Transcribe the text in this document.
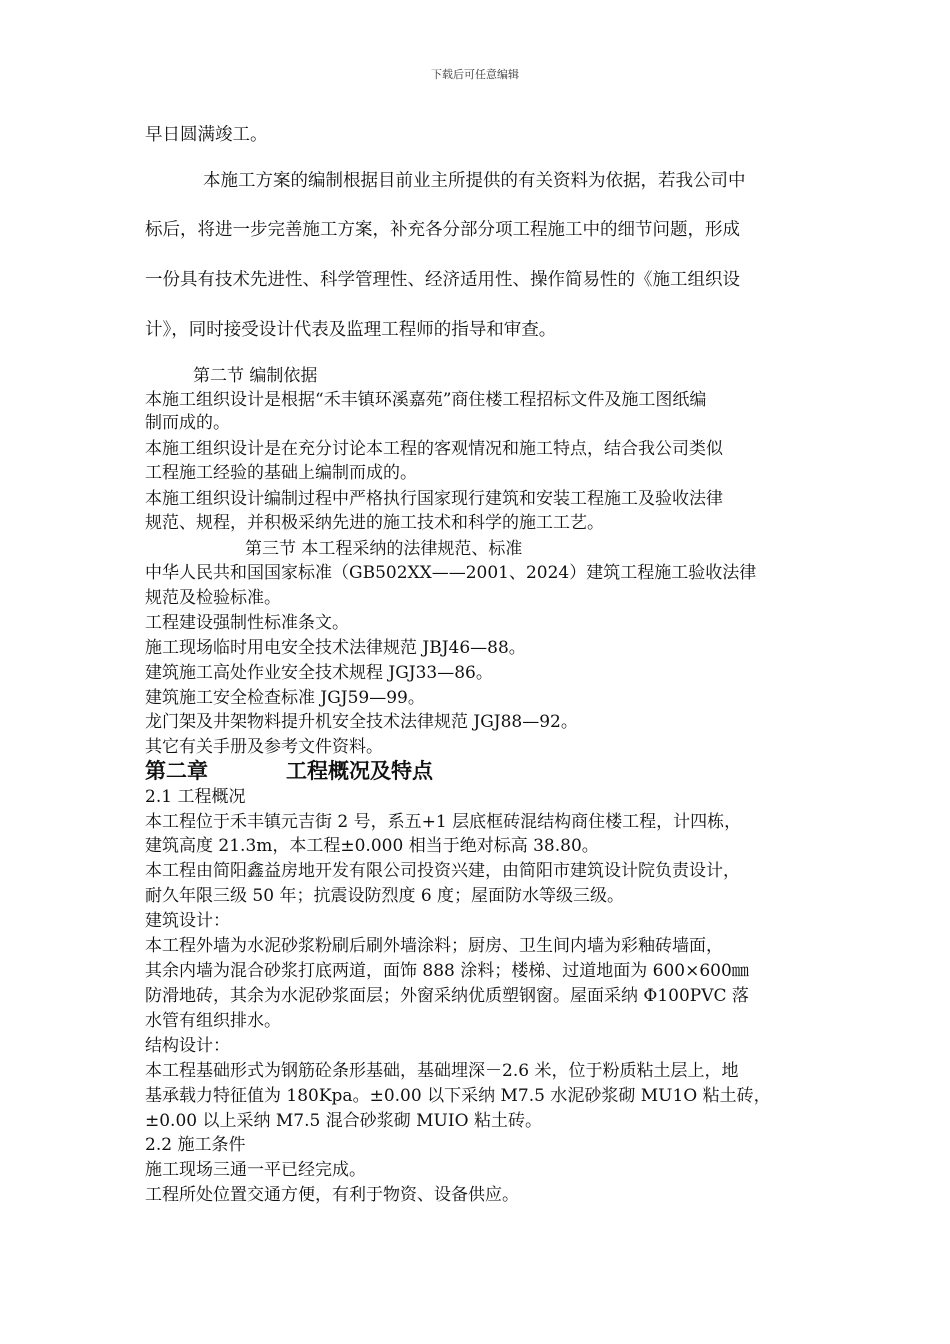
下载后可任意编辑
早日圆满竣工。
本施工方案的编制根据目前业主所提供的有关资料为依据，若我公司中
标后，将进一步完善施工方案，补充各分部分项工程施工中的细节问题，形成
一份具有技术先进性、科学管理性、经济适用性、操作简易性的《施工组织设
计》，同时接受设计代表及监理工程师的指导和审查。
第二节 编制依据
本施工组织设计是根据“禾丰镇环溪嘉苑”商住楼工程招标文件及施工图纸编
制而成的。
本施工组织设计是在充分讨论本工程的客观情况和施工特点，结合我公司类似
工程施工经验的基础上编制而成的。
本施工组织设计编制过程中严格执行国家现行建筑和安装工程施工及验收法律
规范、规程，并积极采纳先进的施工技术和科学的施工工艺。
第三节 本工程采纳的法律规范、标准
中华人民共和国国家标准（GB502XX——2001、2024）建筑工程施工验收法律
规范及检验标准。
工程建设强制性标准条文。
施工现场临时用电安全技术法律规范 JBJ46—88。
建筑施工高处作业安全技术规程 JGJ33—86。
建筑施工安全检查标准 JGJ59—99。
龙门架及井架物料提升机安全技术法律规范 JGJ88—92。
其它有关手册及参考文件资料。
第二章	工程概况及特点
2.1 工程概况
本工程位于禾丰镇元吉街 2 号，系五+1 层底框砖混结构商住楼工程，计四栋，
建筑高度 21.3m，本工程±0.000 相当于绝对标高 38.80。
本工程由简阳鑫益房地开发有限公司投资兴建，由简阳市建筑设计院负责设计，
耐久年限三级 50 年；抗震设防烈度 6 度；屋面防水等级三级。
建筑设计：
本工程外墙为水泥砂浆粉刷后刷外墙涂料；厨房、卫生间内墙为彩釉砖墙面，
其余内墙为混合砂浆打底两道，面饰 888 涂料；楼梯、过道地面为 600×600㎜
防滑地砖，其余为水泥砂浆面层；外窗采纳优质塑钢窗。屋面采纳 Φ100PVC 落
水管有组织排水。
结构设计：
本工程基础形式为钢筋砼条形基础，基础埋深－2.6 米，位于粉质粘土层上，地
基承载力特征值为 180Kpa。±0.00 以下采纳 M7.5 水泥砂浆砌 MU1O 粘土砖，
±0.00 以上采纳 M7.5 混合砂浆砌 MUIO 粘土砖。
2.2 施工条件
施工现场三通一平已经完成。
工程所处位置交通方便，有利于物资、设备供应。
